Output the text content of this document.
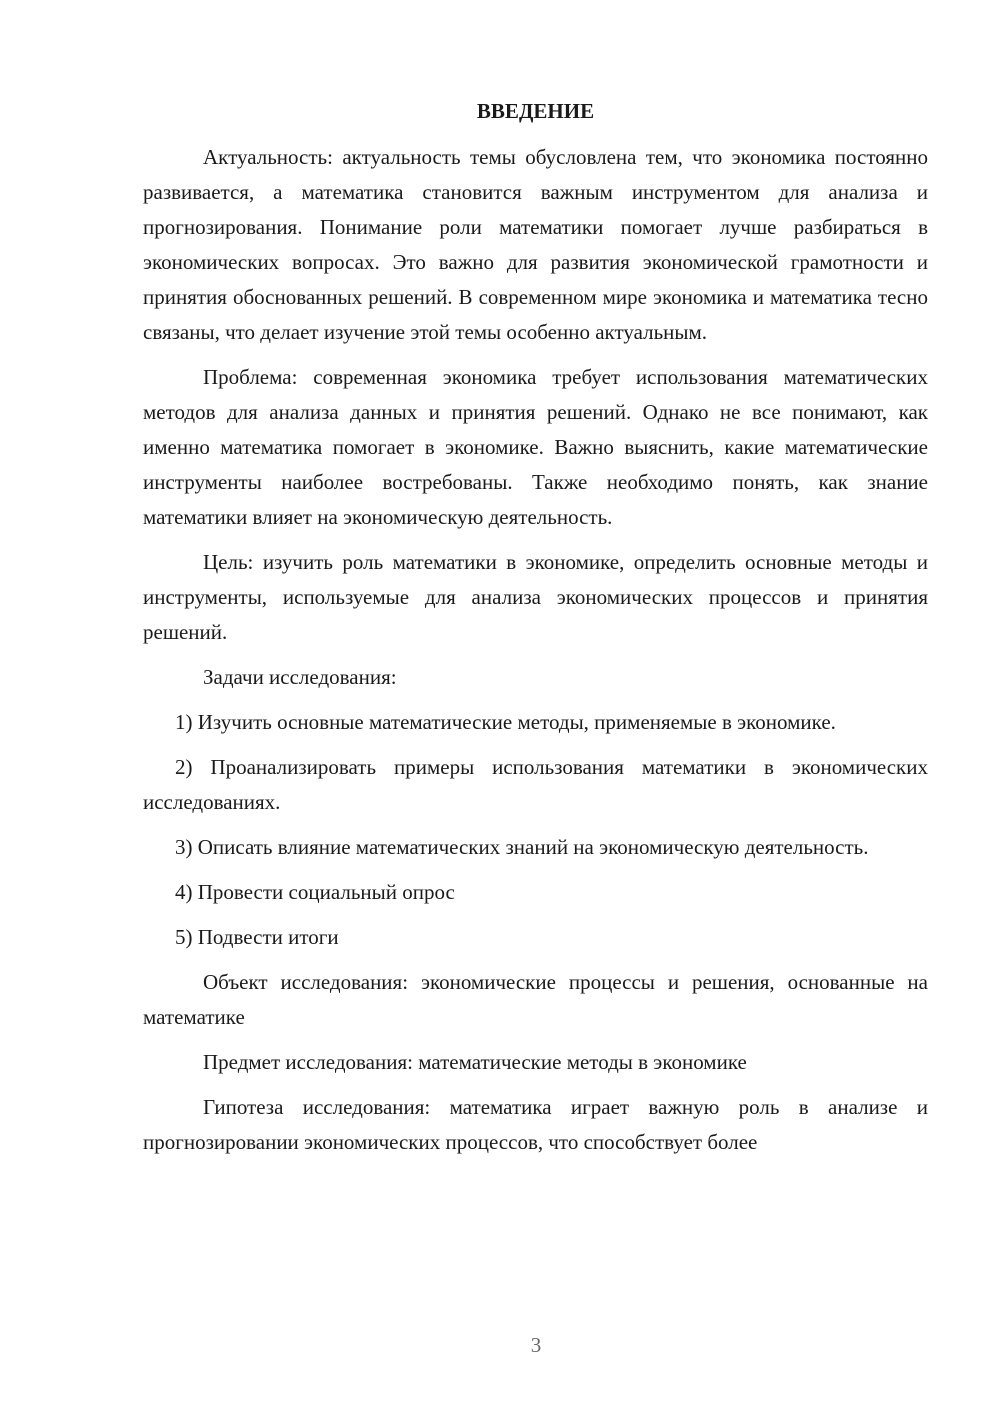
ВВЕДЕНИЕ

Актуальность: актуальность темы обусловлена тем, что экономика постоянно развивается, а математика становится важным инструментом для анализа и прогнозирования. Понимание роли математики помогает лучше разбираться в экономических вопросах. Это важно для развития экономической грамотности и принятия обоснованных решений. В современном мире экономика и математика тесно связаны, что делает изучение этой темы особенно актуальным.

Проблема: современная экономика требует использования математических методов для анализа данных и принятия решений. Однако не все понимают, как именно математика помогает в экономике. Важно выяснить, какие математические инструменты наиболее востребованы. Также необходимо понять, как знание математики влияет на экономическую деятельность.

Цель: изучить роль математики в экономике, определить основные методы и инструменты, используемые для анализа экономических процессов и принятия решений.

Задачи исследования:

1) Изучить основные математические методы, применяемые в экономике.

2) Проанализировать примеры использования математики в экономических исследованиях.

3) Описать влияние математических знаний на экономическую деятельность.

4) Провести социальный опрос

5) Подвести итоги

Объект исследования: экономические процессы и решения, основанные на математике

Предмет исследования: математические методы в экономике

Гипотеза исследования: математика играет важную роль в анализе и прогнозировании экономических процессов, что способствует более

3
